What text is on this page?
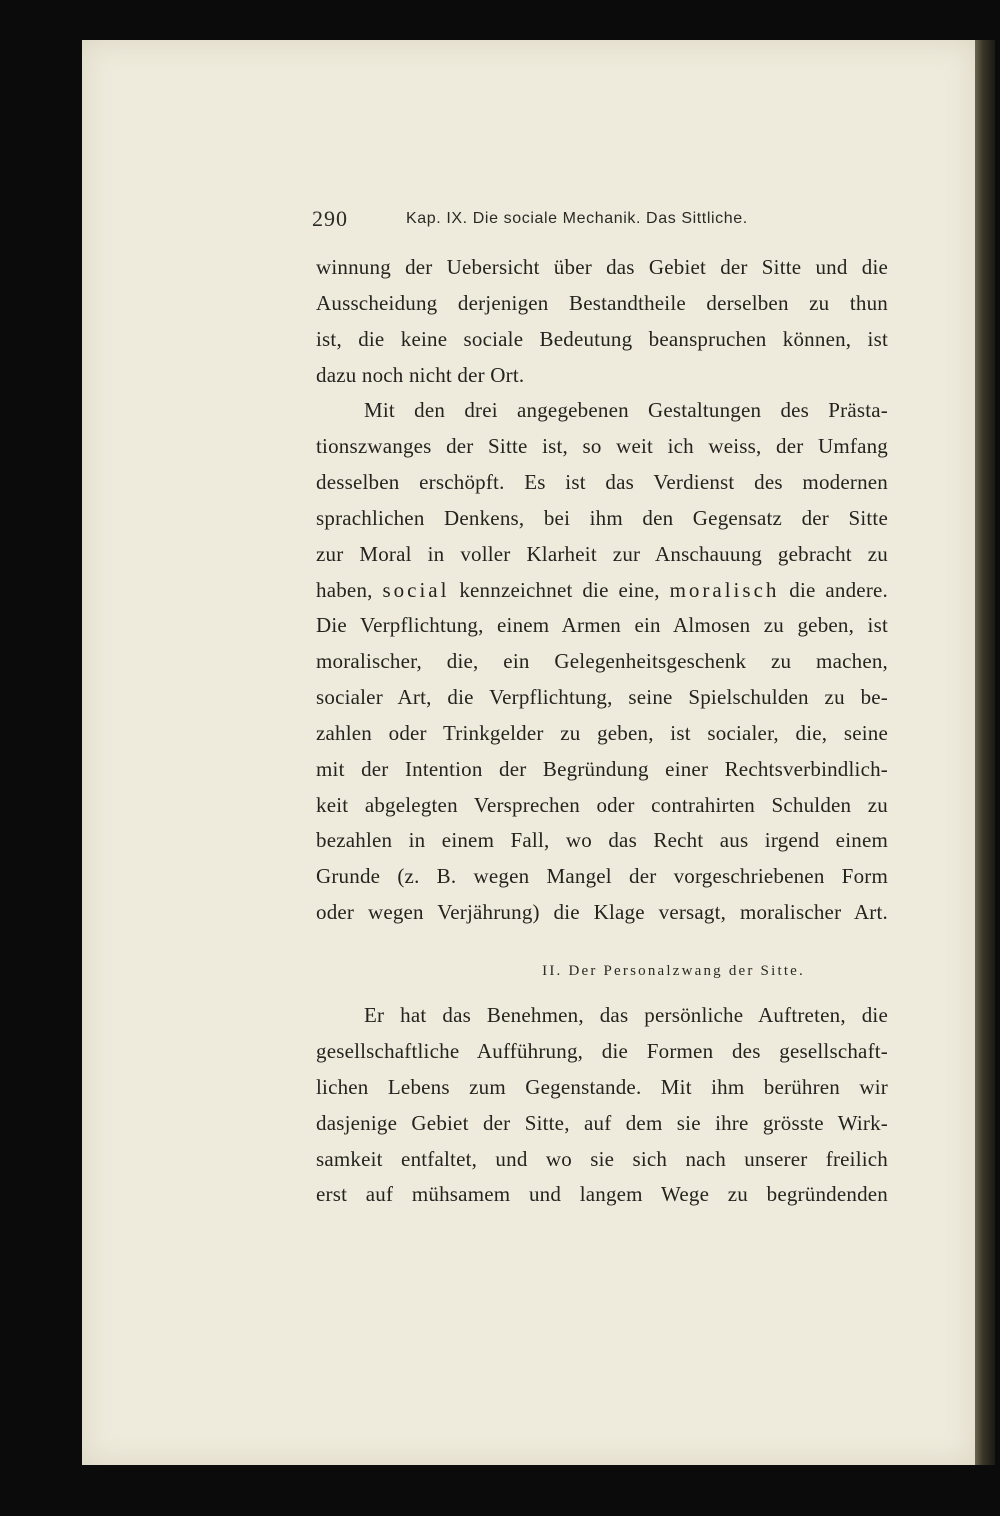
290	Kap. IX. Die sociale Mechanik. Das Sittliche.
winnung der Uebersicht über das Gebiet der Sitte und die
Ausscheidung derjenigen Bestandtheile derselben zu thun
ist, die keine sociale Bedeutung beanspruchen können, ist
dazu noch nicht der Ort.
Mit den drei angegebenen Gestaltungen des Prästa-
tionszwanges der Sitte ist, so weit ich weiss, der Umfang
desselben erschöpft. Es ist das Verdienst des modernen
sprachlichen Denkens, bei ihm den Gegensatz der Sitte
zur Moral in voller Klarheit zur Anschauung gebracht zu
haben, social kennzeichnet die eine, moralisch die andere.
Die Verpflichtung, einem Armen ein Almosen zu geben, ist
moralischer, die, ein Gelegenheitsgeschenk zu machen,
socialer Art, die Verpflichtung, seine Spielschulden zu be-
zahlen oder Trinkgelder zu geben, ist socialer, die, seine
mit der Intention der Begründung einer Rechtsverbindlich-
keit abgelegten Versprechen oder contrahirten Schulden zu
bezahlen in einem Fall, wo das Recht aus irgend einem
Grunde (z. B. wegen Mangel der vorgeschriebenen Form
oder wegen Verjährung) die Klage versagt, moralischer Art.
II. Der Personalzwang der Sitte.
Er hat das Benehmen, das persönliche Auftreten, die
gesellschaftliche Aufführung, die Formen des gesellschaft-
lichen Lebens zum Gegenstande. Mit ihm berühren wir
dasjenige Gebiet der Sitte, auf dem sie ihre grösste Wirk-
samkeit entfaltet, und wo sie sich nach unserer freilich
erst auf mühsamem und langem Wege zu begründenden
